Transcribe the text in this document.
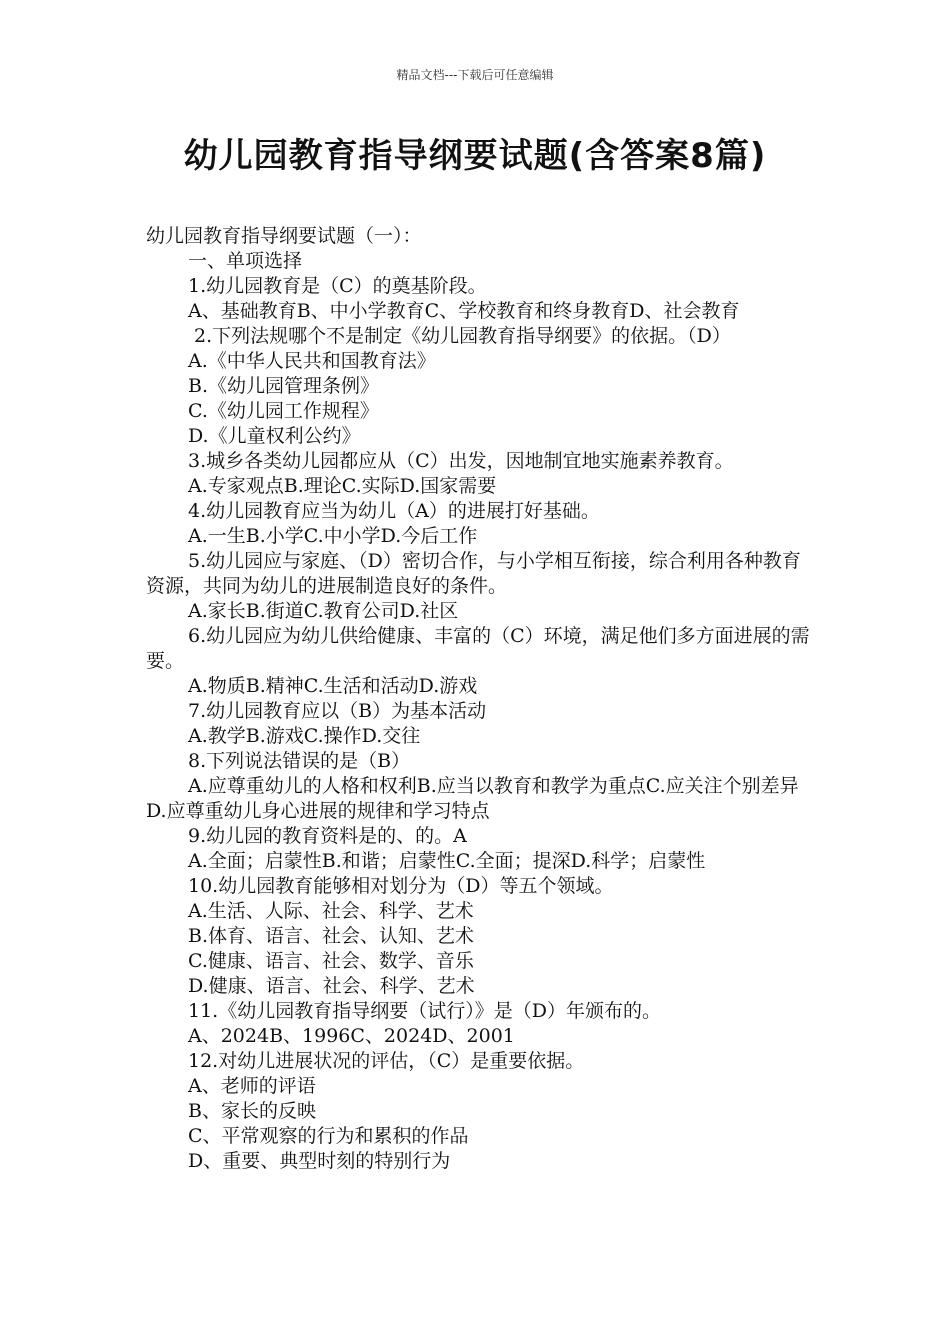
精品文档---下载后可任意编辑
幼儿园教育指导纲要试题(含答案8篇)

幼儿园教育指导纲要试题（一）：

一、单项选择

1.幼儿园教育是（C）的奠基阶段。

A、基础教育B、中小学教育C、学校教育和终身教育D、社会教育

2.下列法规哪个不是制定《幼儿园教育指导纲要》的依据。（D）

A.《中华人民共和国教育法》

B.《幼儿园管理条例》

C.《幼儿园工作规程》

D.《儿童权利公约》

3.城乡各类幼儿园都应从（C）出发，因地制宜地实施素养教育。

A.专家观点B.理论C.实际D.国家需要

4.幼儿园教育应当为幼儿（A）的进展打好基础。

A.一生B.小学C.中小学D.今后工作

5.幼儿园应与家庭、（D）密切合作，与小学相互衔接，综合利用各种教育资源，共同为幼儿的进展制造良好的条件。

A.家长B.街道C.教育公司D.社区

6.幼儿园应为幼儿供给健康、丰富的（C）环境，满足他们多方面进展的需要。

A.物质B.精神C.生活和活动D.游戏

7.幼儿园教育应以（B）为基本活动

A.教学B.游戏C.操作D.交往

8.下列说法错误的是（B）

A.应尊重幼儿的人格和权利B.应当以教育和教学为重点C.应关注个别差异D.应尊重幼儿身心进展的规律和学习特点

9.幼儿园的教育资料是的、的。A

A.全面；启蒙性B.和谐；启蒙性C.全面；提深D.科学；启蒙性

10.幼儿园教育能够相对划分为（D）等五个领域。

A.生活、人际、社会、科学、艺术

B.体育、语言、社会、认知、艺术

C.健康、语言、社会、数学、音乐

D.健康、语言、社会、科学、艺术

11.《幼儿园教育指导纲要（试行）》是（D）年颁布的。

A、2024B、1996C、2024D、2001

12.对幼儿进展状况的评估，（C）是重要依据。

A、老师的评语

B、家长的反映

C、平常观察的行为和累积的作品

D、重要、典型时刻的特别行为
